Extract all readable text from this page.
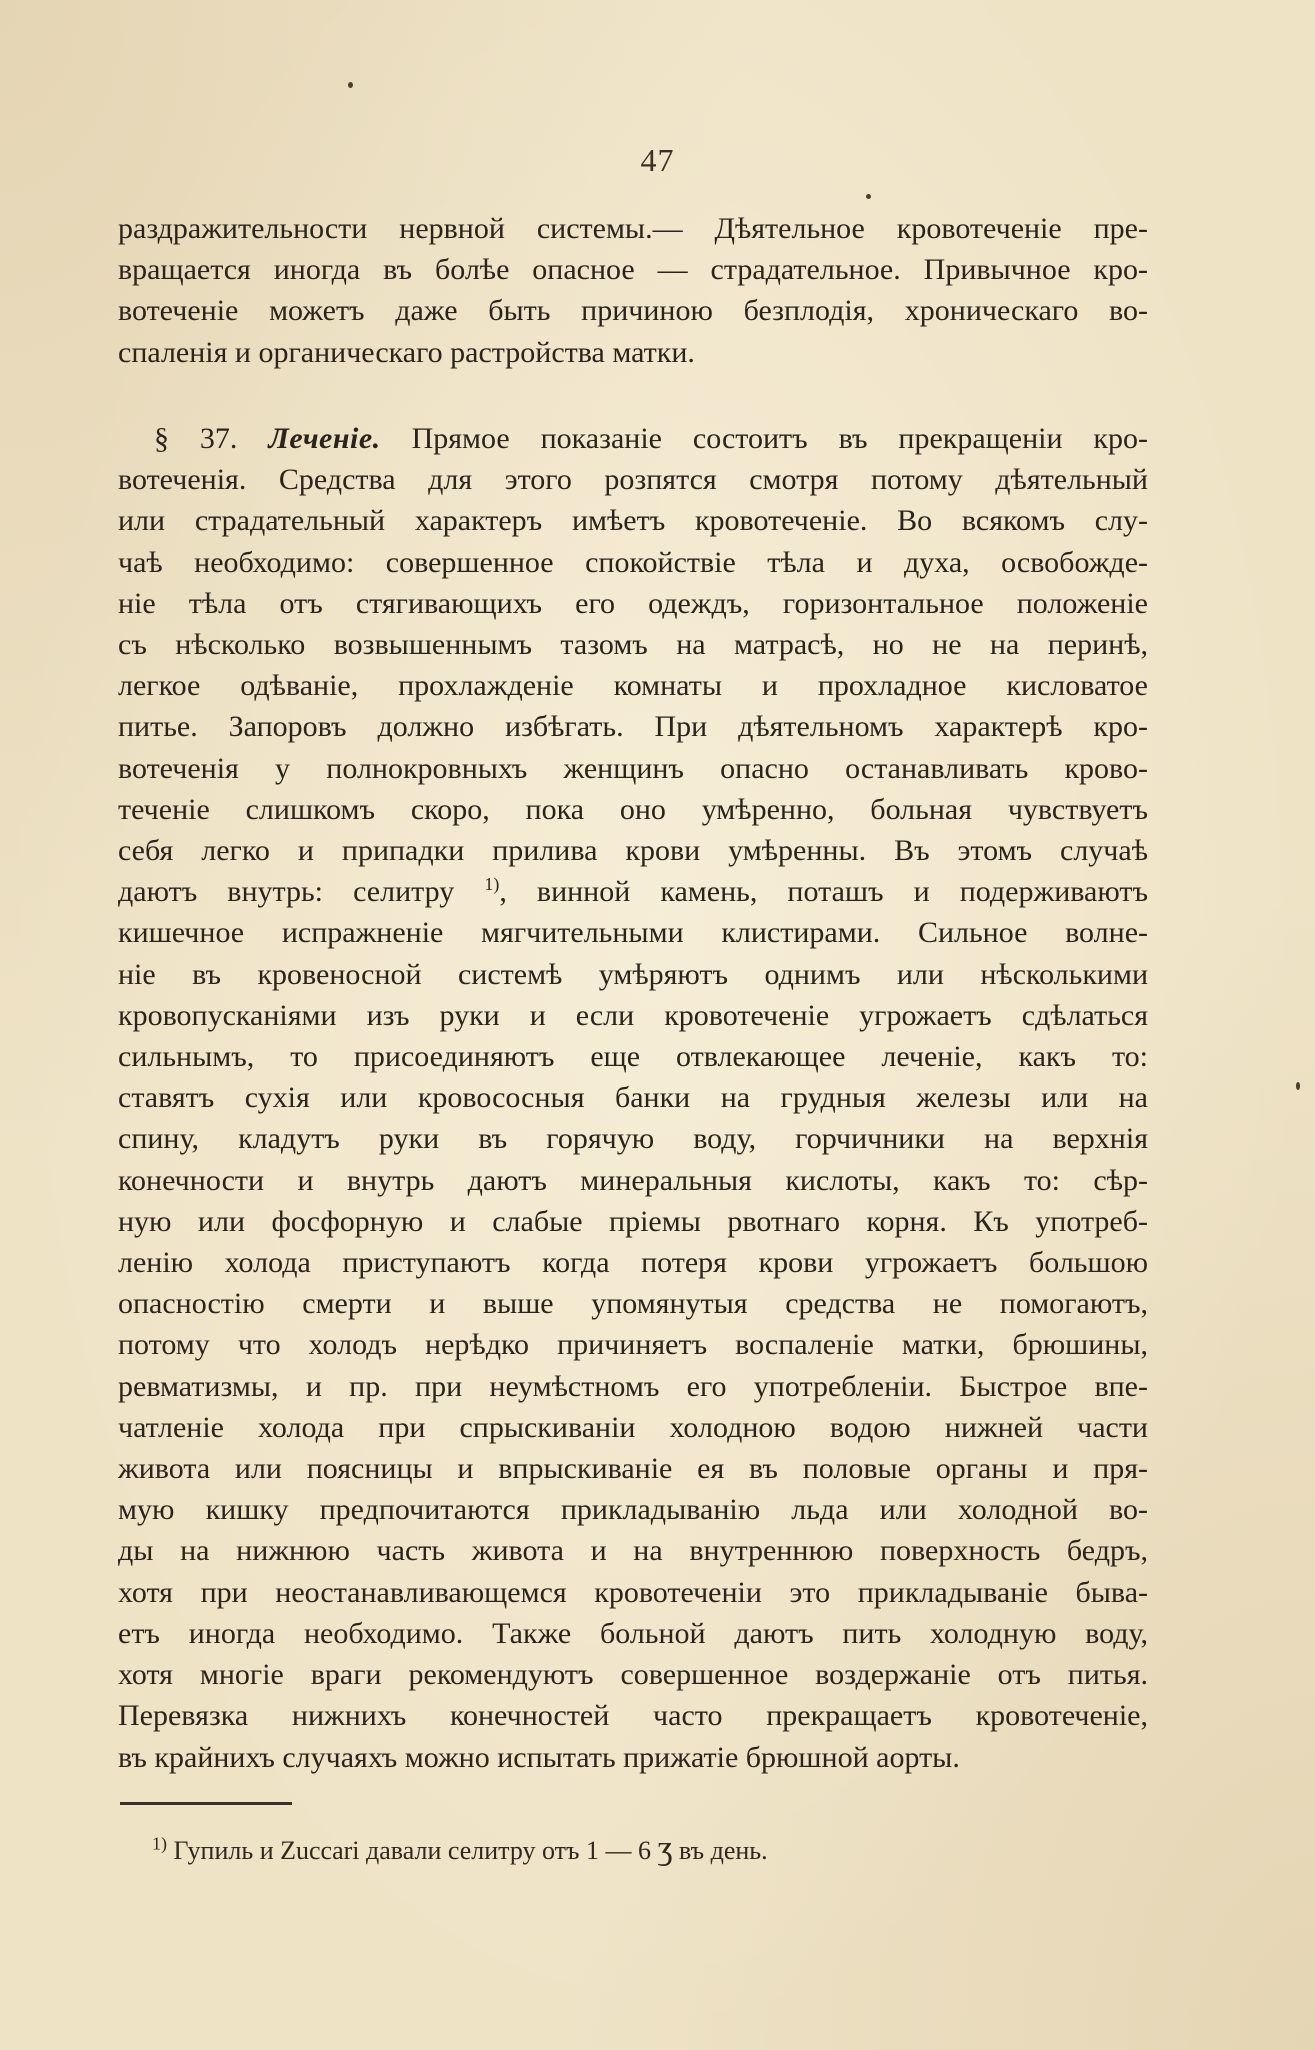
47
раздражительности нервной системы.— Дѣятельное кровотеченіе пре-
вращается иногда въ болѣе опасное — страдательное. Привычное кро-
вотеченіе можетъ даже быть причиною безплодія, хроническаго во-
спаленія и органическаго растройства матки.
§ 37. Леченіе. Прямое показаніе состоитъ въ прекращеніи кро-
вотеченія. Средства для этого розпятся смотря потому дѣятельный
или страдательный характеръ имѣетъ кровотеченіе. Во всякомъ слу-
чаѣ необходимо: совершенное спокойствіе тѣла и духа, освобожде-
ніе тѣла отъ стягивающихъ его одеждъ, горизонтальное положеніе
съ нѣсколько возвышеннымъ тазомъ на матрасѣ, но не на перинѣ,
легкое одѣваніе, прохлажденіе комнаты и прохладное кисловатое
питье. Запоровъ должно избѣгать. При дѣятельномъ характерѣ кро-
вотеченія у полнокровныхъ женщинъ опасно останавливать крово-
теченіе слишкомъ скоро, пока оно умѣренно, больная чувствуетъ
себя легко и припадки прилива крови умѣренны. Въ этомъ случаѣ
даютъ внутрь: селитру $^{1)}$, винной камень, поташъ и подерживаютъ
кишечное испражненіе мягчительными клистирами. Сильное волне-
ніе въ кровеносной системѣ умѣряютъ однимъ или нѣсколькими
кровопусканіями изъ руки и если кровотеченіе угрожаетъ сдѣлаться
сильнымъ, то присоединяютъ еще отвлекающее леченіе, какъ то:
ставятъ сухія или кровососныя банки на грудныя железы или на
спину, кладутъ руки въ горячую воду, горчичники на верхнія
конечности и внутрь даютъ минеральныя кислоты, какъ то: сѣр-
ную или фосфорную и слабые пріемы рвотнаго корня. Къ употреб-
ленію холода приступаютъ когда потеря крови угрожаетъ большою
опасностію смерти и выше упомянутыя средства не помогаютъ,
потому что холодъ нерѣдко причиняетъ воспаленіе матки, брюшины,
ревматизмы, и пр. при неумѣстномъ его употребленіи. Быстрое впе-
чатленіе холода при спрыскиваніи холодною водою нижней части
живота или поясницы и впрыскиваніе ея въ половые органы и пря-
мую кишку предпочитаются прикладыванію льда или холодной во-
ды на нижнюю часть живота и на внутреннюю поверхность бедръ,
хотя при неостанавливающемся кровотеченіи это прикладываніе быва-
етъ иногда необходимо. Также больной даютъ пить холодную воду,
хотя многіе враги рекомендуютъ совершенное воздержаніе отъ питья.
Перевязка нижнихъ конечностей часто прекращаетъ кровотеченіе,
въ крайнихъ случаяхъ можно испытать прижатіе брюшной аорты.
$^{1)}$ Гупиль и Zuccari давали селитру отъ 1 — 6 ʒ въ день.
